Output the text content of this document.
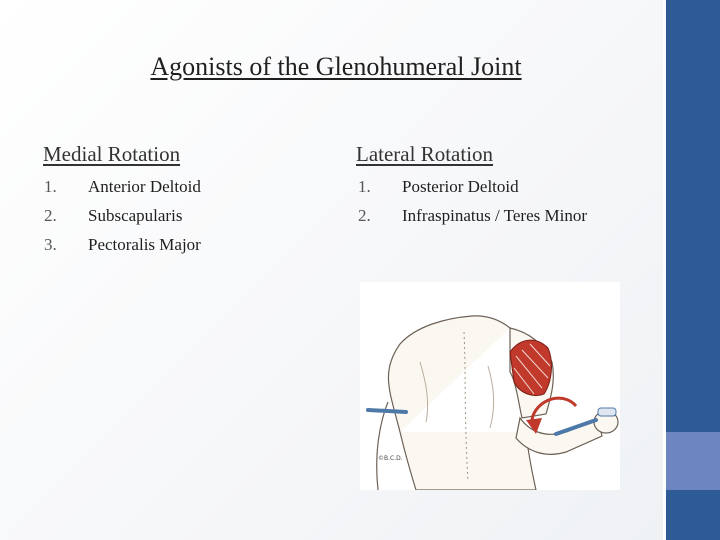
Agonists of the Glenohumeral Joint
Medial Rotation
1. Anterior Deltoid
2. Subscapularis
3. Pectoralis Major
Lateral Rotation
1. Posterior Deltoid
2. Infraspinatus / Teres Minor
©B.C.D.
